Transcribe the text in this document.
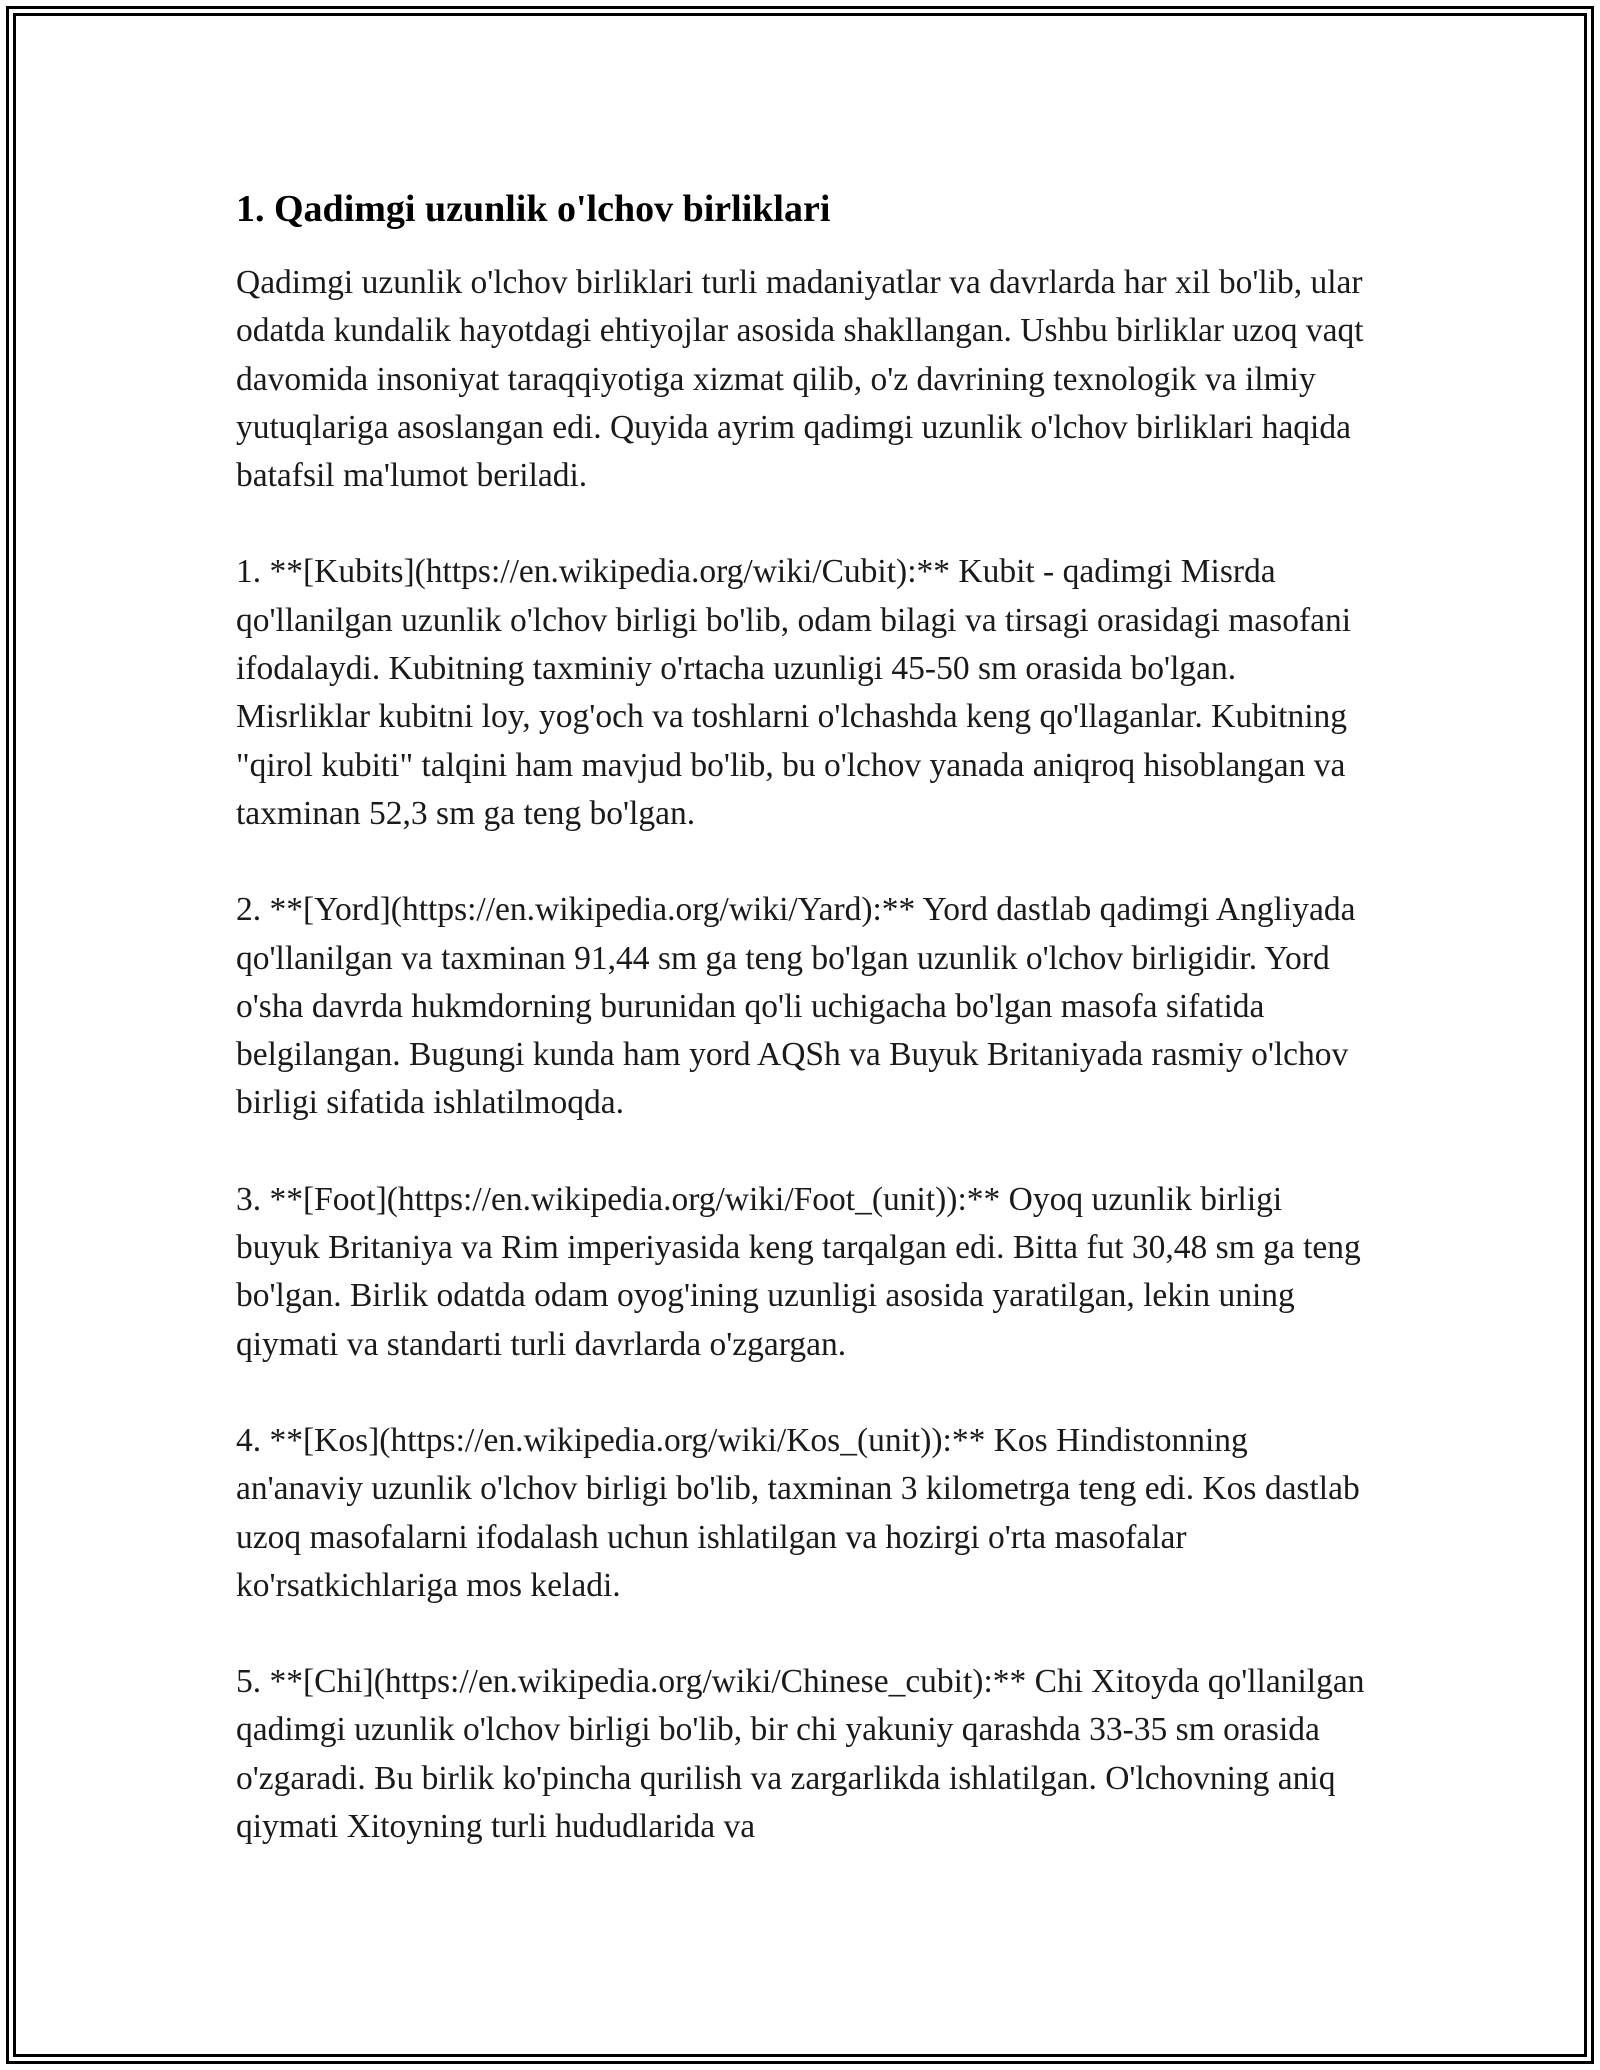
1. Qadimgi uzunlik o'lchov birliklari

Qadimgi uzunlik o'lchov birliklari turli madaniyatlar va davrlarda har xil bo'lib, ular odatda kundalik hayotdagi ehtiyojlar asosida shakllangan. Ushbu birliklar uzoq vaqt davomida insoniyat taraqqiyotiga xizmat qilib, o'z davrining texnologik va ilmiy yutuqlariga asoslangan edi. Quyida ayrim qadimgi uzunlik o'lchov birliklari haqida batafsil ma'lumot beriladi.

1. **[Kubits](https://en.wikipedia.org/wiki/Cubit):** Kubit - qadimgi Misrda qo'llanilgan uzunlik o'lchov birligi bo'lib, odam bilagi va tirsagi orasidagi masofani ifodalaydi. Kubitning taxminiy o'rtacha uzunligi 45-50 sm orasida bo'lgan. Misrliklar kubitni loy, yog'och va toshlarni o'lchashda keng qo'llaganlar. Kubitning "qirol kubiti" talqini ham mavjud bo'lib, bu o'lchov yanada aniqroq hisoblangan va taxminan 52,3 sm ga teng bo'lgan.

2. **[Yord](https://en.wikipedia.org/wiki/Yard):** Yord dastlab qadimgi Angliyada qo'llanilgan va taxminan 91,44 sm ga teng bo'lgan uzunlik o'lchov birligidir. Yord o'sha davrda hukmdorning burunidan qo'li uchigacha bo'lgan masofa sifatida belgilangan. Bugungi kunda ham yord AQSh va Buyuk Britaniyada rasmiy o'lchov birligi sifatida ishlatilmoqda.

3. **[Foot](https://en.wikipedia.org/wiki/Foot_(unit)):** Oyoq uzunlik birligi buyuk Britaniya va Rim imperiyasida keng tarqalgan edi. Bitta fut 30,48 sm ga teng bo'lgan. Birlik odatda odam oyog'ining uzunligi asosida yaratilgan, lekin uning qiymati va standarti turli davrlarda o'zgargan.

4. **[Kos](https://en.wikipedia.org/wiki/Kos_(unit)):** Kos Hindistonning an'anaviy uzunlik o'lchov birligi bo'lib, taxminan 3 kilometrga teng edi. Kos dastlab uzoq masofalarni ifodalash uchun ishlatilgan va hozirgi o'rta masofalar ko'rsatkichlariga mos keladi.

5. **[Chi](https://en.wikipedia.org/wiki/Chinese_cubit):** Chi Xitoyda qo'llanilgan qadimgi uzunlik o'lchov birligi bo'lib, bir chi yakuniy qarashda 33-35 sm orasida o'zgaradi. Bu birlik ko'pincha qurilish va zargarlikda ishlatilgan. O'lchovning aniq qiymati Xitoyning turli hududlarida va
